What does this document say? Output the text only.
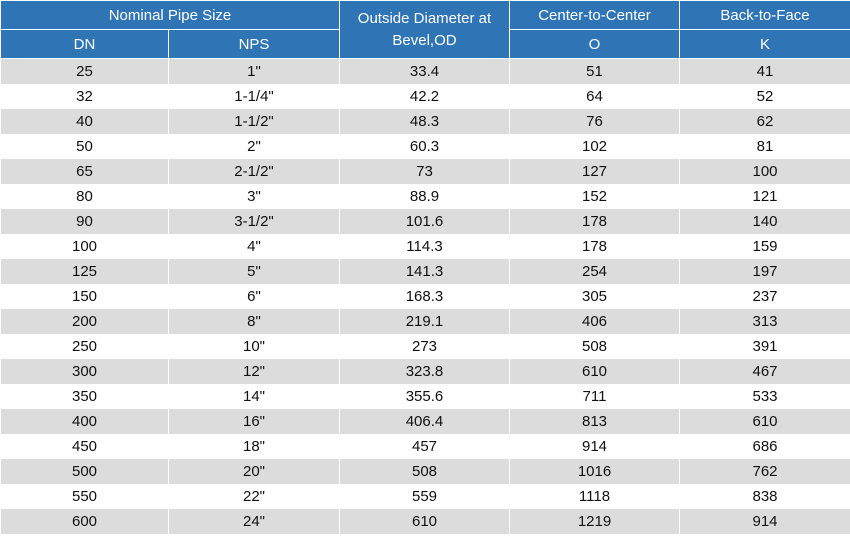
Nominal Pipe Size		Outside Diameter at Bevel,OD	Center-to-Center	Back-to-Face
DN	NPS		O	K
25	1"	33.4	51	41
32	1-1/4"	42.2	64	52
40	1-1/2"	48.3	76	62
50	2"	60.3	102	81
65	2-1/2"	73	127	100
80	3"	88.9	152	121
90	3-1/2"	101.6	178	140
100	4"	114.3	178	159
125	5"	141.3	254	197
150	6"	168.3	305	237
200	8"	219.1	406	313
250	10"	273	508	391
300	12"	323.8	610	467
350	14"	355.6	711	533
400	16"	406.4	813	610
450	18"	457	914	686
500	20"	508	1016	762
550	22"	559	1118	838
600	24"	610	1219	914
